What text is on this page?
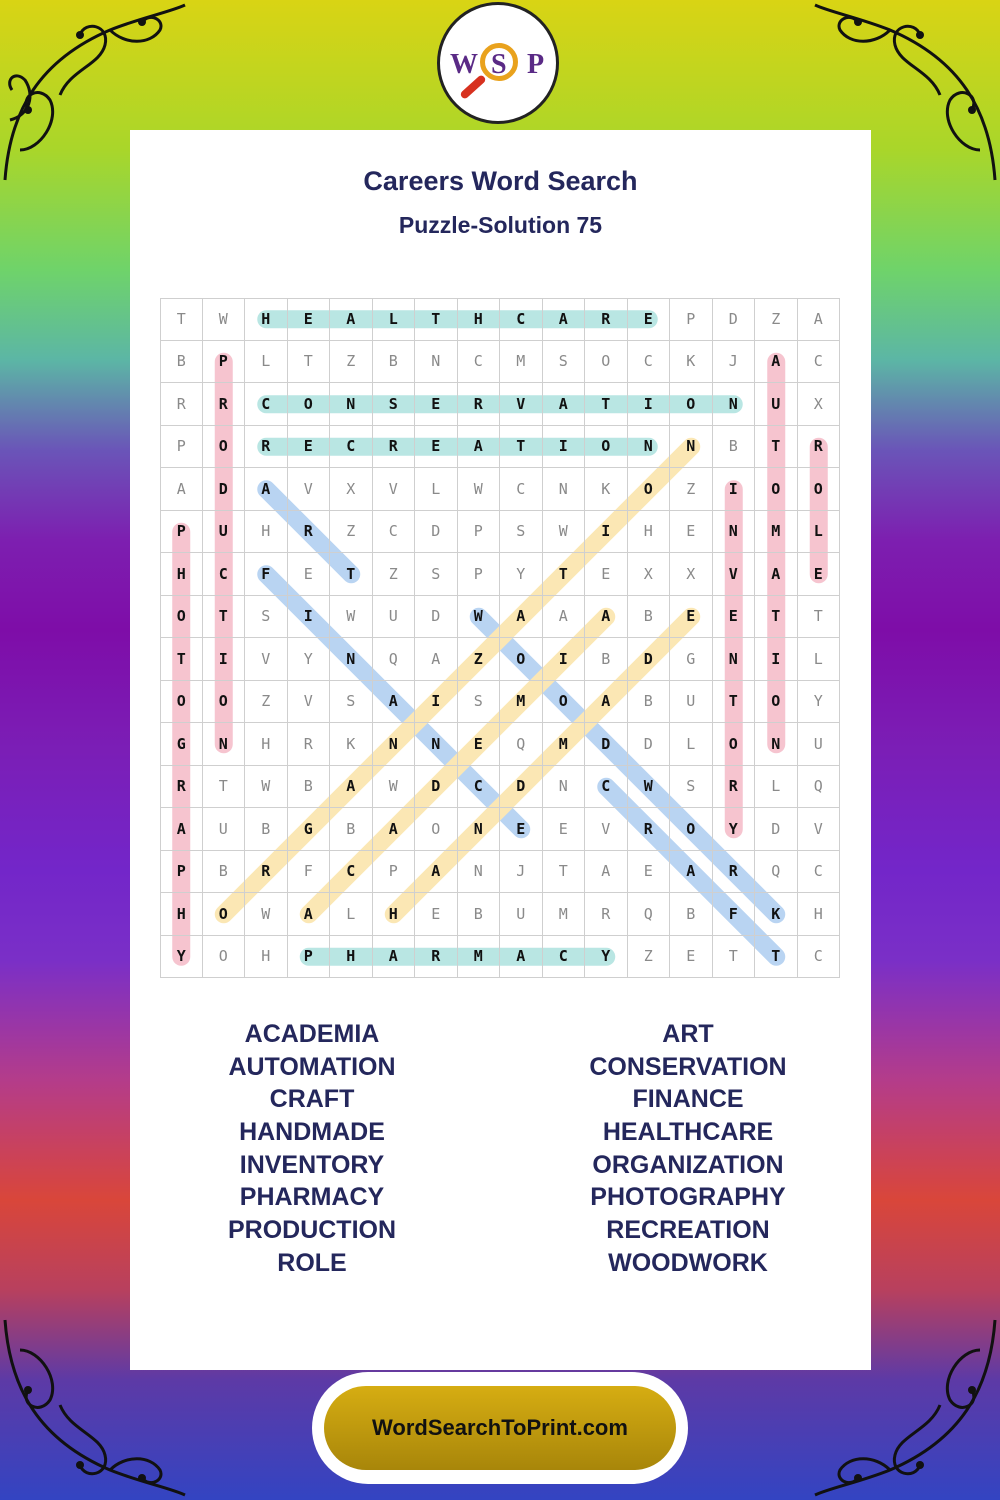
W S P
Careers Word Search
Puzzle-Solution 75
T	W	H	E	A	L	T	H	C	A	R	E	P	D	Z	A
B	P	L	T	Z	B	N	C	M	S	O	C	K	J	A	C
R	R	C	O	N	S	E	R	V	A	T	I	O	N	U	X
P	O	R	E	C	R	E	A	T	I	O	N	N	B	T	R
A	D	A	V	X	V	L	W	C	N	K	O	Z	I	O	O
P	U	H	R	Z	C	D	P	S	W	I	H	E	N	M	L
H	C	F	E	T	Z	S	P	Y	T	E	X	X	V	A	E
O	T	S	I	W	U	D	W	A	A	A	B	E	E	T	T
T	I	V	Y	N	Q	A	Z	O	I	B	D	G	N	I	L
O	O	Z	V	S	A	I	S	M	O	A	B	U	T	O	Y
G	N	H	R	K	N	N	E	Q	M	D	D	L	O	N	U
R	T	W	B	A	W	D	C	D	N	C	W	S	R	L	Q
A	U	B	G	B	A	O	N	E	E	V	R	O	Y	D	V
P	B	R	F	C	P	A	N	J	T	A	E	A	R	Q	C
H	O	W	A	L	H	E	B	U	M	R	Q	B	F	K	H
Y	O	H	P	H	A	R	M	A	C	Y	Z	E	T	T	C
ACADEMIA
AUTOMATION
CRAFT
HANDMADE
INVENTORY
PHARMACY
PRODUCTION
ROLE
ART
CONSERVATION
FINANCE
HEALTHCARE
ORGANIZATION
PHOTOGRAPHY
RECREATION
WOODWORK
WordSearchToPrint.com
